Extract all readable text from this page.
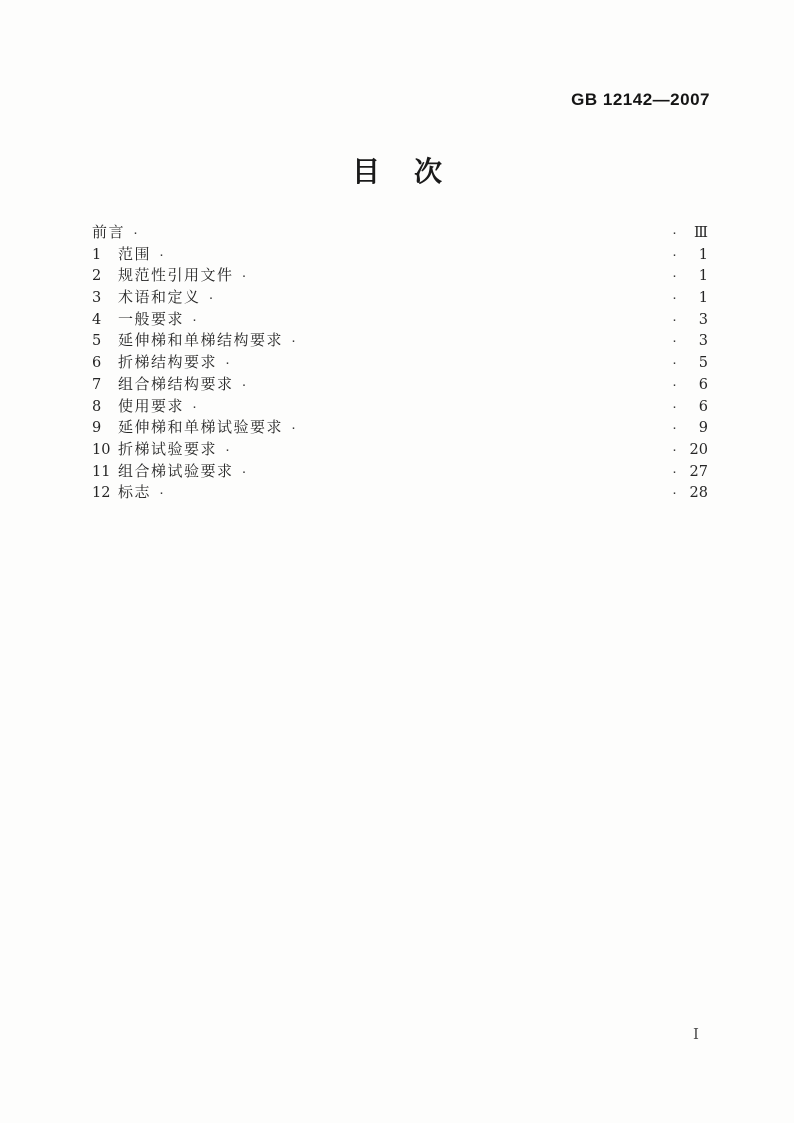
GB 12142—2007
目 次
前言 ·	·	Ⅲ
1	范围 ·	·	1
2	规范性引用文件 ·	·	1
3	术语和定义 ·	·	1
4	一般要求 ·	·	3
5	延伸梯和单梯结构要求 ·	·	3
6	折梯结构要求 ·	·	5
7	组合梯结构要求 ·	·	6
8	使用要求 ·	·	6
9	延伸梯和单梯试验要求 ·	·	9
10 折梯试验要求 ·	· 20
11 组合梯试验要求 ·	· 27
12 标志 ·	· 28
I
